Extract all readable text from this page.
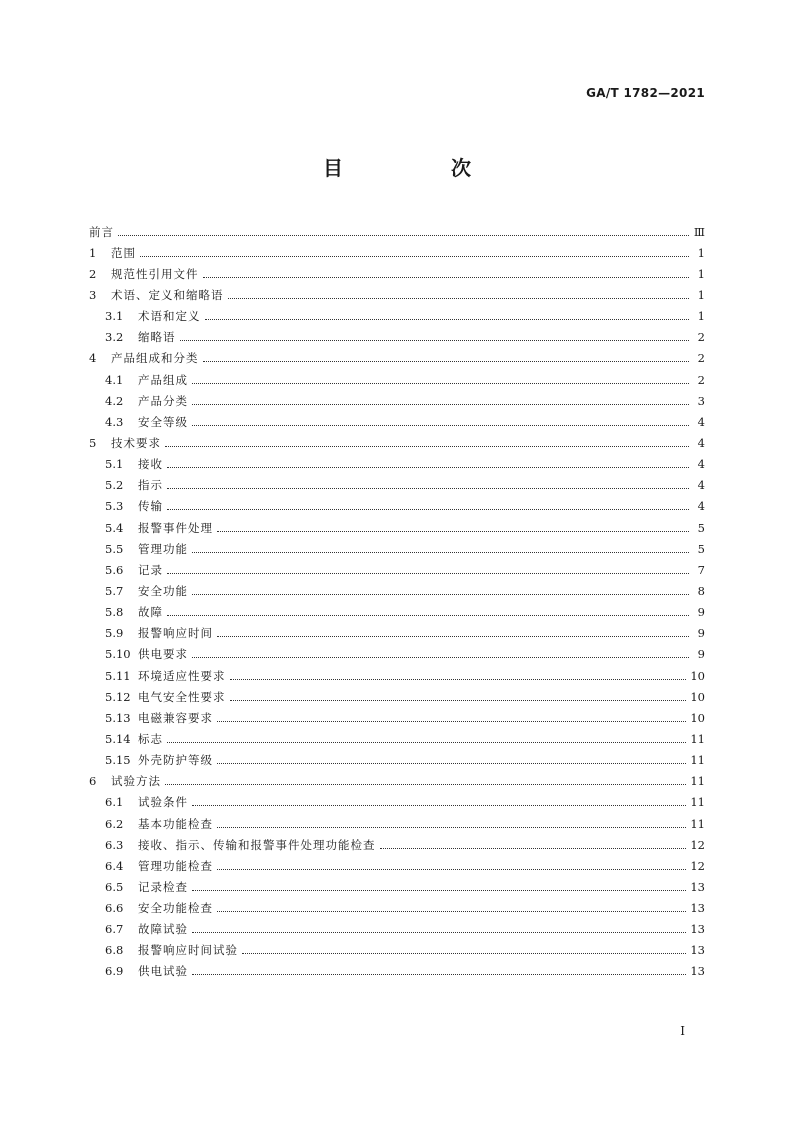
GA/T 1782—2021
目　次
前言	Ⅲ
1	范围	1
2	规范性引用文件	1
3	术语、定义和缩略语	1
3.1	术语和定义	1
3.2	缩略语	2
4	产品组成和分类	2
4.1	产品组成	2
4.2	产品分类	3
4.3	安全等级	4
5	技术要求	4
5.1	接收	4
5.2	指示	4
5.3	传输	4
5.4	报警事件处理	5
5.5	管理功能	5
5.6	记录	7
5.7	安全功能	8
5.8	故障	9
5.9	报警响应时间	9
5.10 供电要求	9
5.11 环境适应性要求	10
5.12 电气安全性要求	10
5.13 电磁兼容要求	10
5.14 标志	11
5.15 外壳防护等级	11
6	试验方法	11
6.1	试验条件	11
6.2	基本功能检查	11
6.3	接收、指示、传输和报警事件处理功能检查	12
6.4	管理功能检查	12
6.5	记录检查	13
6.6	安全功能检查	13
6.7	故障试验	13
6.8	报警响应时间试验	13
6.9	供电试验	13
I
